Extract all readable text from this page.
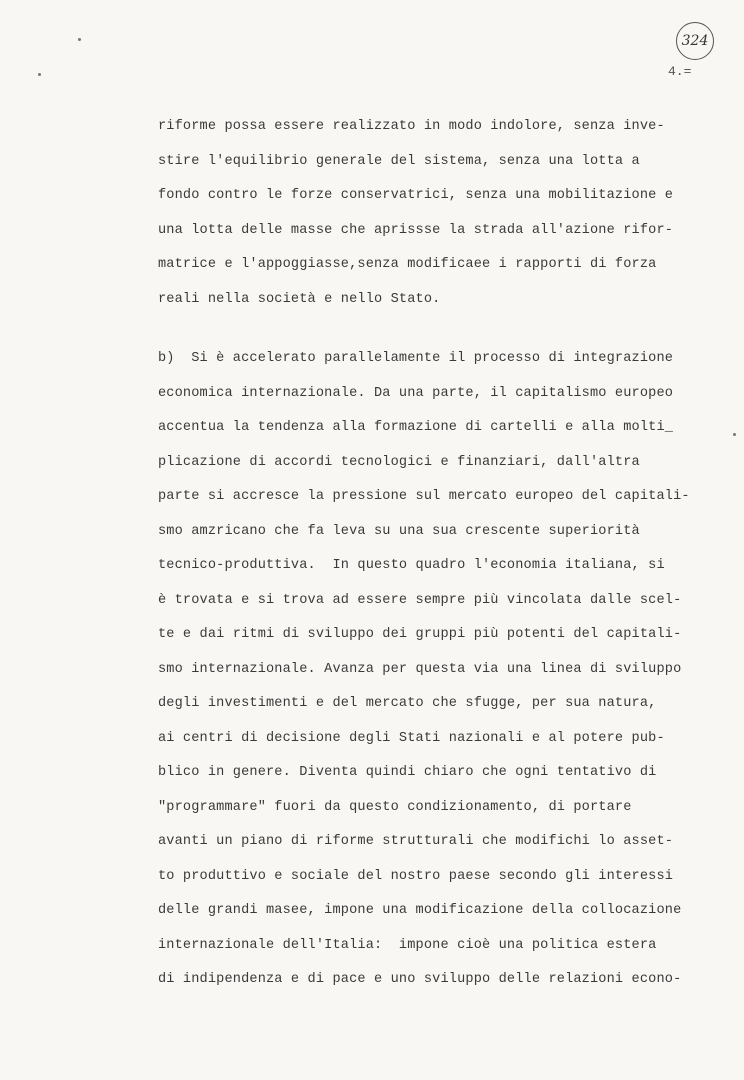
324
4.=
riforme possa essere realizzato in modo indolore, senza inve-
stire l'equilibrio generale del sistema, senza una lotta a
fondo contro le forze conservatrici, senza una mobilitazione e
una lotta delle masse che aprissse la strada all'azione rifor-
matrice e l'appoggiasse,senza modificaee i rapporti di forza
reali nella società e nello Stato.
b)  Si è accelerato parallelamente il processo di integrazione
economica internazionale. Da una parte, il capitalismo europeo
accentua la tendenza alla formazione di cartelli e alla molti_
plicazione di accordi tecnologici e finanziari, dall'altra
parte si accresce la pressione sul mercato europeo del capitali-
smo amzricano che fa leva su una sua crescente superiorità
tecnico-produttiva.  In questo quadro l'economia italiana, si
è trovata e si trova ad essere sempre più vincolata dalle scel-
te e dai ritmi di sviluppo dei gruppi più potenti del capitali-
smo internazionale. Avanza per questa via una linea di sviluppo
degli investimenti e del mercato che sfugge, per sua natura,
ai centri di decisione degli Stati nazionali e al potere pub-
blico in genere. Diventa quindi chiaro che ogni tentativo di
"programmare" fuori da questo condizionamento, di portare
avanti un piano di riforme strutturali che modifichi lo asset-
to produttivo e sociale del nostro paese secondo gli interessi
delle grandi masee, impone una modificazione della collocazione
internazionale dell'Italia:  impone cioè una politica estera
di indipendenza e di pace e uno sviluppo delle relazioni econo-
